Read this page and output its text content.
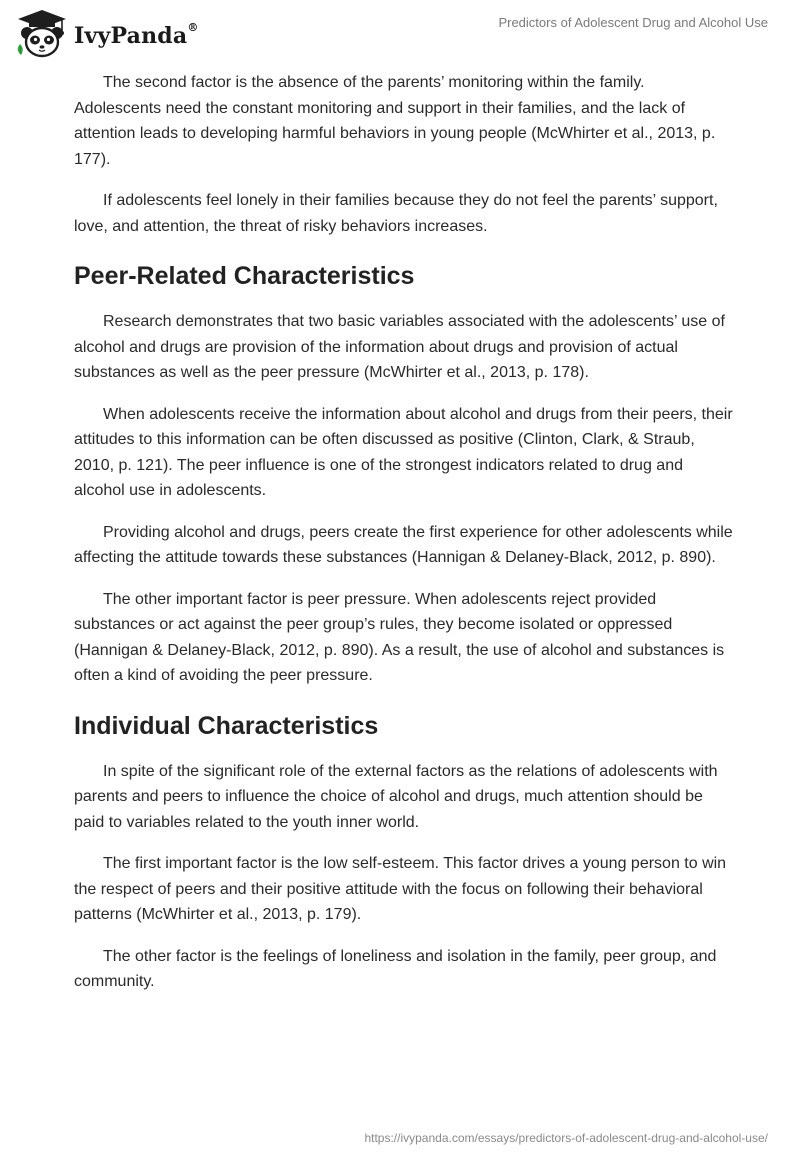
IvyPanda®	Predictors of Adolescent Drug and Alcohol Use

The second factor is the absence of the parents’ monitoring within the family. Adolescents need the constant monitoring and support in their families, and the lack of attention leads to developing harmful behaviors in young people (McWhirter et al., 2013, p. 177).

If adolescents feel lonely in their families because they do not feel the parents’ support, love, and attention, the threat of risky behaviors increases.

Peer-Related Characteristics

Research demonstrates that two basic variables associated with the adolescents’ use of alcohol and drugs are provision of the information about drugs and provision of actual substances as well as the peer pressure (McWhirter et al., 2013, p. 178).

When adolescents receive the information about alcohol and drugs from their peers, their attitudes to this information can be often discussed as positive (Clinton, Clark, & Straub, 2010, p. 121). The peer influence is one of the strongest indicators related to drug and alcohol use in adolescents.

Providing alcohol and drugs, peers create the first experience for other adolescents while affecting the attitude towards these substances (Hannigan & Delaney-Black, 2012, p. 890).

The other important factor is peer pressure. When adolescents reject provided substances or act against the peer group’s rules, they become isolated or oppressed (Hannigan & Delaney-Black, 2012, p. 890). As a result, the use of alcohol and substances is often a kind of avoiding the peer pressure.

Individual Characteristics

In spite of the significant role of the external factors as the relations of adolescents with parents and peers to influence the choice of alcohol and drugs, much attention should be paid to variables related to the youth inner world.

The first important factor is the low self-esteem. This factor drives a young person to win the respect of peers and their positive attitude with the focus on following their behavioral patterns (McWhirter et al., 2013, p. 179).

The other factor is the feelings of loneliness and isolation in the family, peer group, and community.

https://ivypanda.com/essays/predictors-of-adolescent-drug-and-alcohol-use/
